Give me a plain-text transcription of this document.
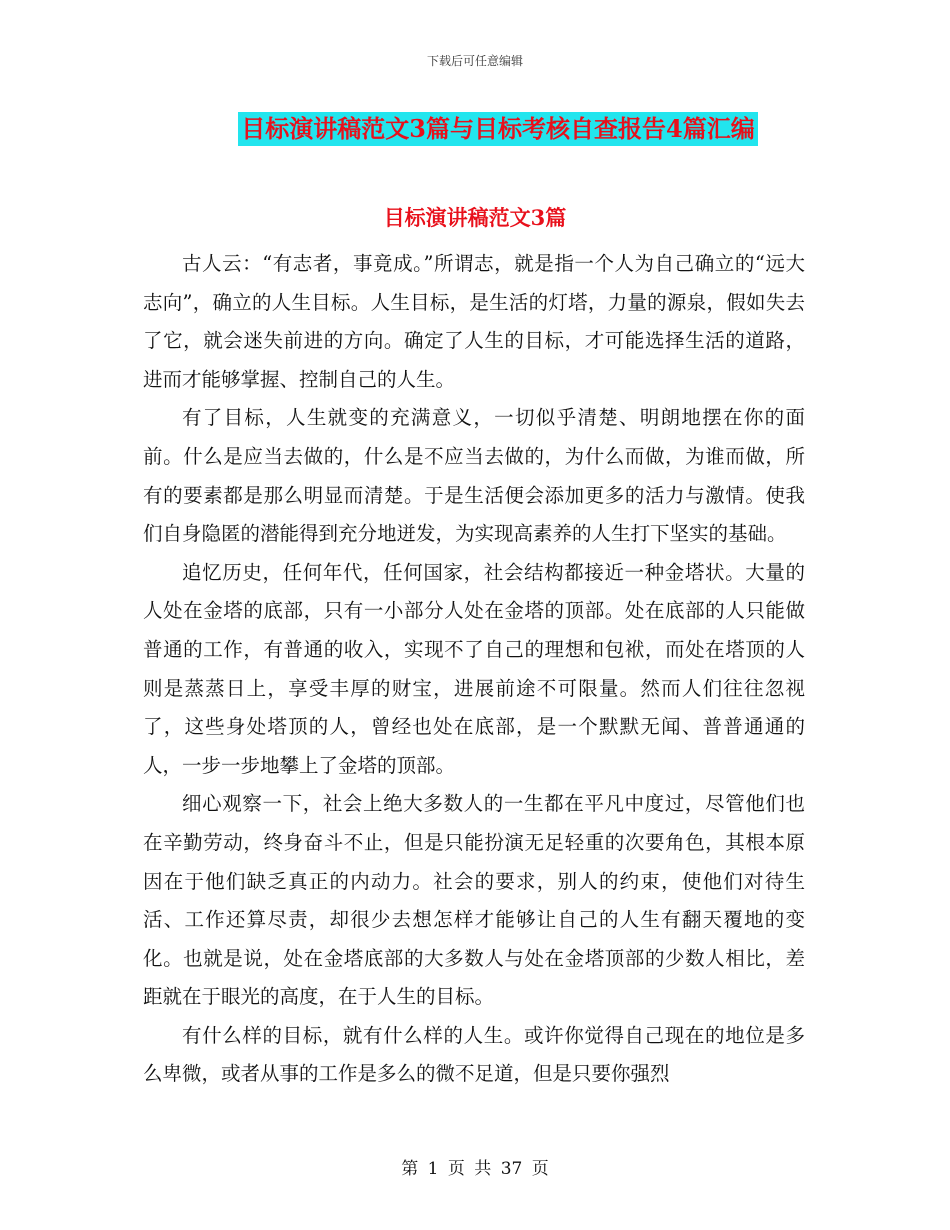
下载后可任意编辑
目标演讲稿范文3篇与目标考核自查报告4篇汇编
目标演讲稿范文3篇

古人云：“有志者，事竟成。”所谓志，就是指一个人为自己确立的“远大志向”，确立的人生目标。人生目标，是生活的灯塔，力量的源泉，假如失去了它，就会迷失前进的方向。确定了人生的目标，才可能选择生活的道路，进而才能够掌握、控制自己的人生。

有了目标，人生就变的充满意义，一切似乎清楚、明朗地摆在你的面前。什么是应当去做的，什么是不应当去做的，为什么而做，为谁而做，所有的要素都是那么明显而清楚。于是生活便会添加更多的活力与激情。使我们自身隐匿的潜能得到充分地迸发，为实现高素养的人生打下坚实的基础。

追忆历史，任何年代，任何国家，社会结构都接近一种金塔状。大量的人处在金塔的底部，只有一小部分人处在金塔的顶部。处在底部的人只能做普通的工作，有普通的收入，实现不了自己的理想和包袱，而处在塔顶的人则是蒸蒸日上，享受丰厚的财宝，进展前途不可限量。然而人们往往忽视了，这些身处塔顶的人，曾经也处在底部，是一个默默无闻、普普通通的人，一步一步地攀上了金塔的顶部。

细心观察一下，社会上绝大多数人的一生都在平凡中度过，尽管他们也在辛勤劳动，终身奋斗不止，但是只能扮演无足轻重的次要角色，其根本原因在于他们缺乏真正的内动力。社会的要求，别人的约束，使他们对待生活、工作还算尽责，却很少去想怎样才能够让自己的人生有翻天覆地的变化。也就是说，处在金塔底部的大多数人与处在金塔顶部的少数人相比，差距就在于眼光的高度，在于人生的目标。

有什么样的目标，就有什么样的人生。或许你觉得自己现在的地位是多么卑微，或者从事的工作是多么的微不足道，但是只要你强烈

第 1 页 共 37 页
